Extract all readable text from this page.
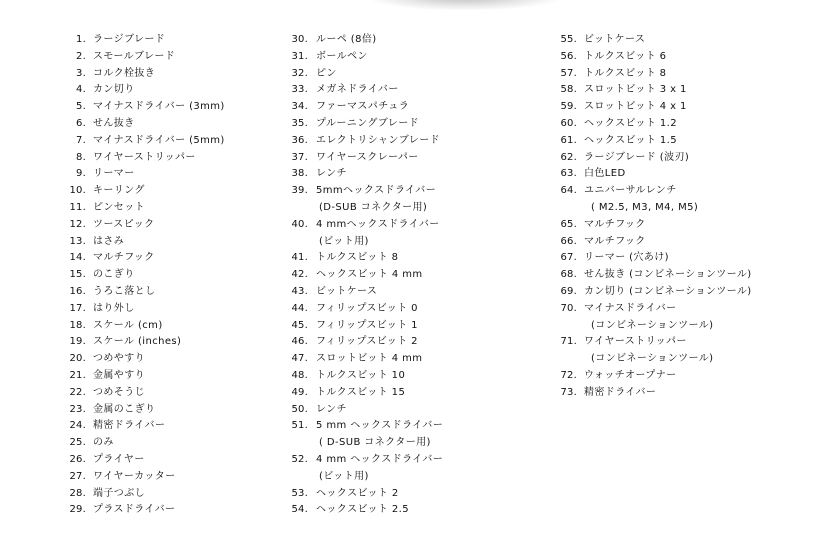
1. ラージブレード
2. スモールブレード
3. コルク栓抜き
4. カン切り
5. マイナスドライバー (3mm)
6. せん抜き
7. マイナスドライバー (5mm)
8. ワイヤーストリッパー
9. リーマー
10. キーリング
11. ピンセット
12. ツースピック
13. はさみ
14. マルチフック
15. のこぎり
16. うろこ落とし
17. はり外し
18. スケール (cm)
19. スケール (inches)
20. つめやすり
21. 金属やすり
22. つめそうじ
23. 金属のこぎり
24. 精密ドライバー
25. のみ
26. プライヤー
27. ワイヤーカッター
28. 端子つぶし
29. プラスドライバー
30. ルーペ (8倍)
31. ボールペン
32. ピン
33. メガネドライバー
34. ファーマスパチュラ
35. プルーニングブレード
36. エレクトリシャンブレード
37. ワイヤースクレーパー
38. レンチ
39. 5mmヘックスドライバー
(D-SUB コネクター用)
40. 4 mmヘックスドライバー
(ビット用)
41. トルクスビット 8
42. ヘックスビット 4 mm
43. ビットケース
44. フィリップスビット 0
45. フィリップスビット 1
46. フィリップスビット 2
47. スロットビット 4 mm
48. トルクスビット 10
49. トルクスビット 15
50. レンチ
51. 5 mm ヘックスドライバー
( D-SUB コネクター用)
52. 4 mm ヘックスドライバー
(ビット用)
53. ヘックスビット 2
54. ヘックスビット 2.5
55. ビットケース
56. トルクスビット 6
57. トルクスビット 8
58. スロットビット 3 x 1
59. スロットビット 4 x 1
60. ヘックスビット 1.2
61. ヘックスビット 1.5
62. ラージブレード (波刃)
63. 白色LED
64. ユニバーサルレンチ
( M2.5, M3, M4, M5)
65. マルチフック
66. マルチフック
67. リーマー (穴あけ)
68. せん抜き (コンビネーションツール)
69. カン切り (コンビネーションツール)
70. マイナスドライバー
(コンビネーションツール)
71. ワイヤーストリッパー
(コンビネーションツール)
72. ウォッチオープナー
73. 精密ドライバー
